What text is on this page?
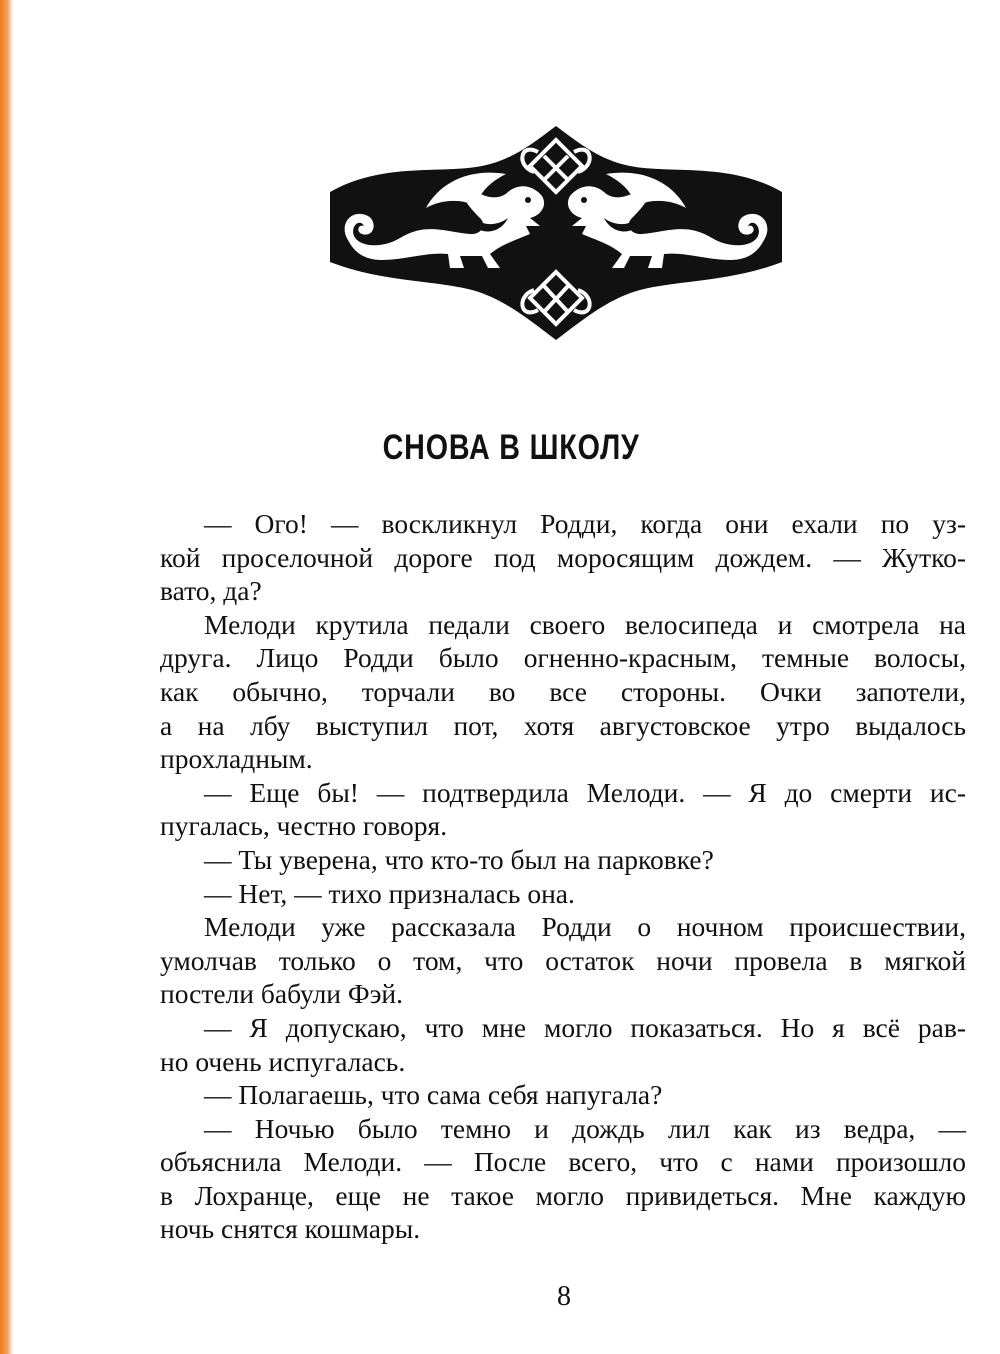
СНОВА В ШКОЛУ
— Ого! — воскликнул Родди, когда они ехали по уз-
кой проселочной дороге под моросящим дождем. — Жутко-
вато, да?
Мелоди крутила педали своего велосипеда и смотрела на
друга. Лицо Родди было огненно-красным, темные волосы,
как обычно, торчали во все стороны. Очки запотели,
а на лбу выступил пот, хотя августовское утро выдалось
прохладным.
— Еще бы! — подтвердила Мелоди. — Я до смерти ис-
пугалась, честно говоря.
— Ты уверена, что кто-то был на парковке?
— Нет, — тихо призналась она.
Мелоди уже рассказала Родди о ночном происшествии,
умолчав только о том, что остаток ночи провела в мягкой
постели бабули Фэй.
— Я допускаю, что мне могло показаться. Но я всё рав-
но очень испугалась.
— Полагаешь, что сама себя напугала?
— Ночью было темно и дождь лил как из ведра, —
объяснила Мелоди. — После всего, что с нами произошло
в Лохранце, еще не такое могло привидеться. Мне каждую
ночь снятся кошмары.
8
